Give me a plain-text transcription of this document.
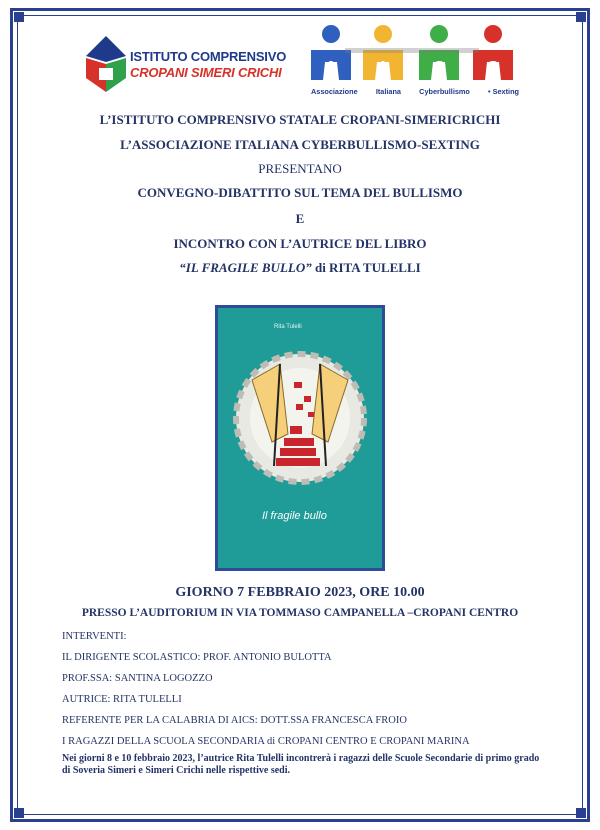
ISTITUTO COMPRENSIVO
CROPANI SIMERI CRICHI A I	C S
Associazione Italiana Cyberbullismo • Sexting
L’ISTITUTO COMPRENSIVO STATALE CROPANI-SIMERICRICHI
L’ASSOCIAZIONE ITALIANA CYBERBULLISMO-SEXTING
PRESENTANO
CONVEGNO-DIBATTITO SUL TEMA DEL BULLISMO
E
INCONTRO CON L’AUTRICE DEL LIBRO
“IL FRAGILE BULLO” di RITA TULELLI
Rita Tulelli
Il fragile bullo
GIORNO 7 FEBBRAIO 2023, ORE 10.00
PRESSO L’AUDITORIUM IN VIA TOMMASO CAMPANELLA –CROPANI CENTRO
INTERVENTI:
IL DIRIGENTE SCOLASTICO: PROF. ANTONIO BULOTTA
PROF.SSA: SANTINA LOGOZZO
AUTRICE: RITA TULELLI
REFERENTE PER LA CALABRIA DI AICS: DOTT.SSA FRANCESCA FROIO
I RAGAZZI DELLA SCUOLA SECONDARIA di CROPANI CENTRO E CROPANI MARINA
Nei giorni 8 e 10 febbraio 2023, l’autrice Rita Tulelli incontrerà i ragazzi delle Scuole Secondarie di primo grado di Soveria Simeri e Simeri Crichi nelle rispettive sedi.
